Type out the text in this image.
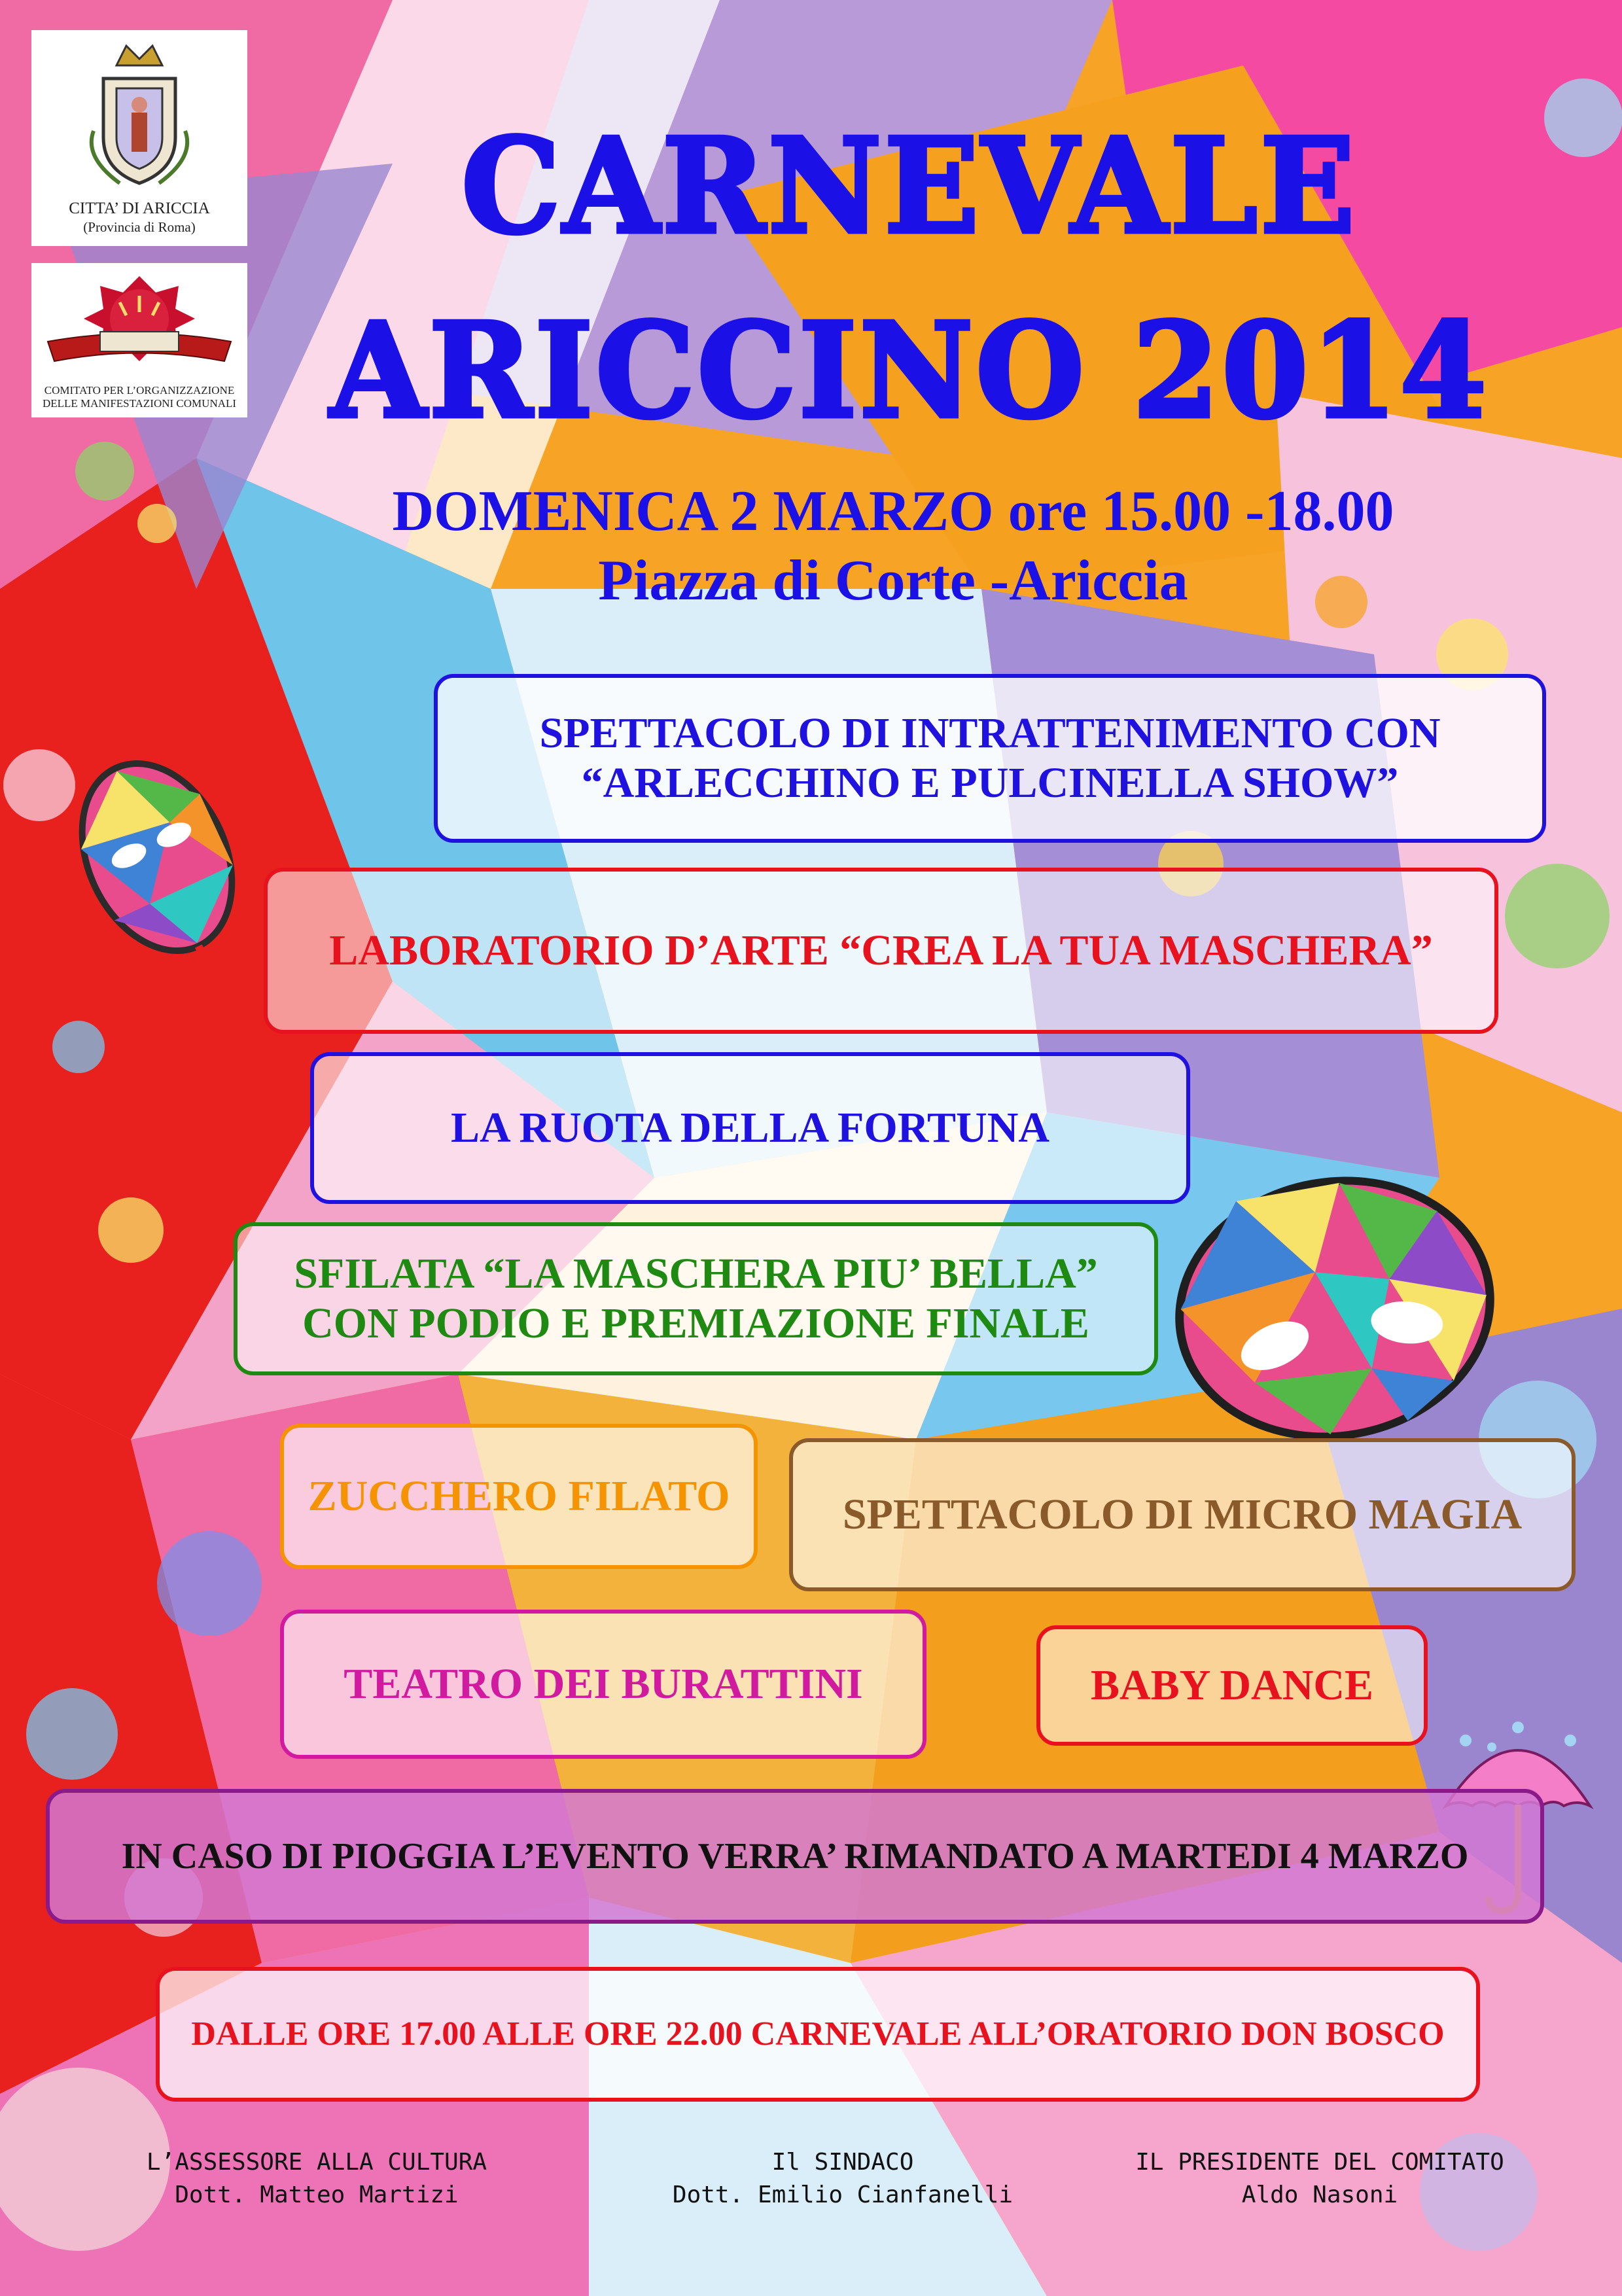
CITTA’ DI ARICCIA

(Provincia di Roma)

COMITATO PER L’ORGANIZZAZIONE

DELLE MANIFESTAZIONI COMUNALI

CARNEVALE
ARICCINO 2014
DOMENICA 2 MARZO ore 15.00 -18.00
Piazza di Corte -Ariccia
SPETTACOLO DI INTRATTENIMENTO CON
“ARLECCHINO E PULCINELLA SHOW”
LABORATORIO D’ARTE “CREA LA TUA MASCHERA”
LA RUOTA DELLA FORTUNA
SFILATA “LA MASCHERA PIU’ BELLA”
CON PODIO E PREMIAZIONE FINALE
ZUCCHERO FILATO	SPETTACOLO DI MICRO MAGIA
TEATRO DEI BURATTINI	BABY DANCE
IN CASO DI PIOGGIA L’EVENTO VERRA’ RIMANDATO A MARTEDI 4 MARZO
DALLE ORE 17.00 ALLE ORE 22.00 CARNEVALE ALL’ORATORIO DON BOSCO
L’ASSESSORE ALLA CULTURA
Dott. Matteo Martizi
Il SINDACO
Dott. Emilio Cianfanelli
IL PRESIDENTE DEL COMITATO
Aldo Nasoni
